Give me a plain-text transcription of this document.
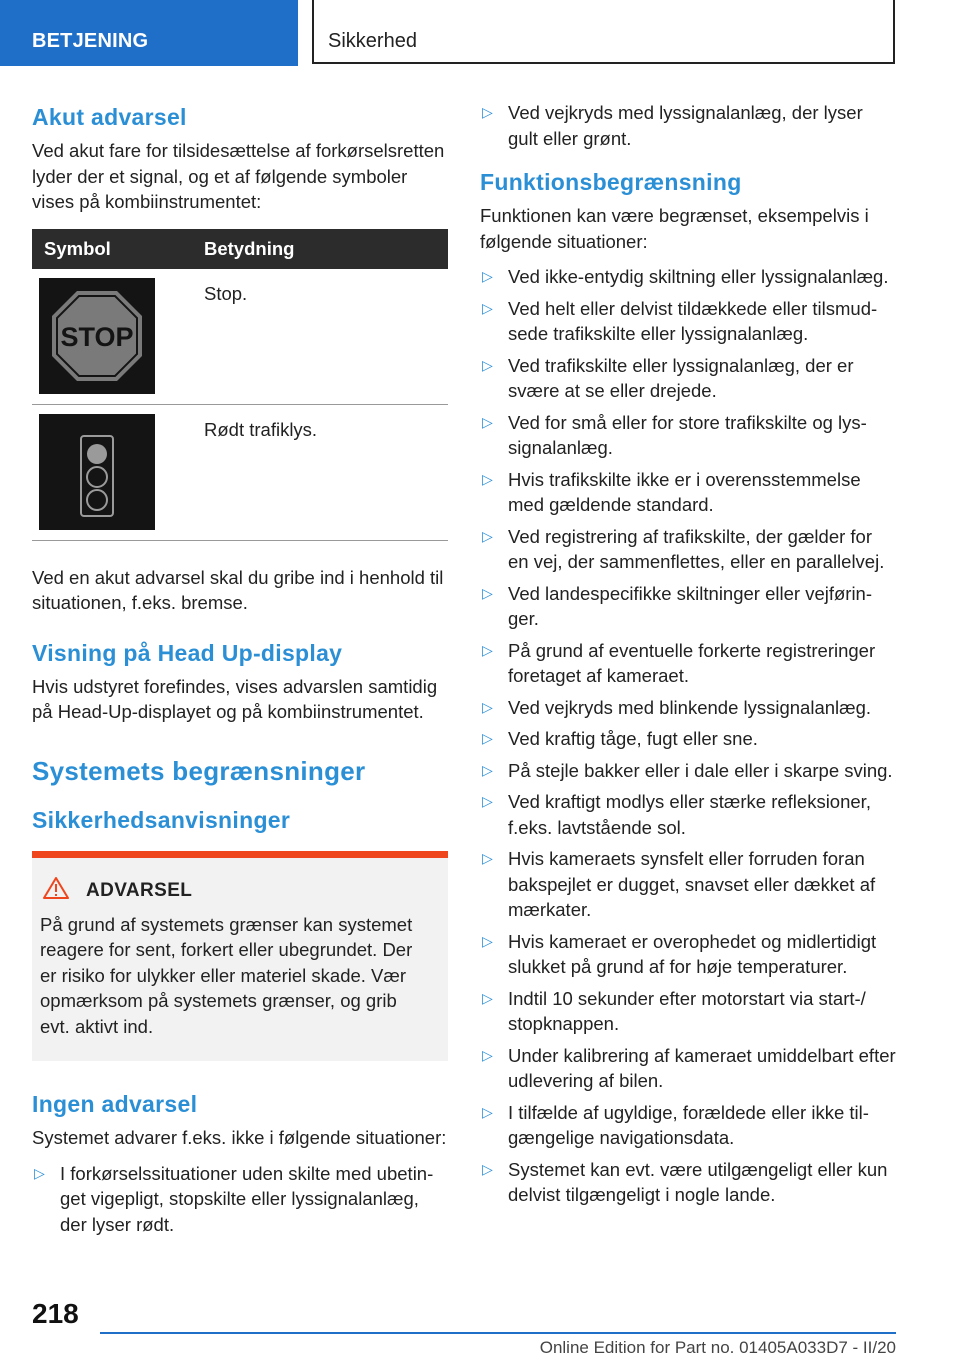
BETJENING	Sikkerhed
Akut advarsel

Ved akut fare for tilsidesættelse af forkørselsretten lyder der et signal, og et af følgende symboler vises på kombiinstrumentet:

Symbol	Betydning
STOP
Stop.
Rødt trafiklys.

Ved en akut advarsel skal du gribe ind i henhold til situationen, f.eks. bremse.

Visning på Head Up-display

Hvis udstyret forefindes, vises advarslen samtidig på Head-Up-displayet og på kombiinstrumentet.

Systemets begrænsninger
Sikkerhedsanvisninger
ADVARSEL

På grund af systemets grænser kan systemet reagere for sent, forkert eller ubegrundet. Der er risiko for ulykker eller materiel skade. Vær opmærksom på systemets grænser, og grib evt. aktivt ind.

Ingen advarsel

Systemet advarer f.eks. ikke i følgende situationer:

▷ I forkørselssituationer uden skilte med ubetinget vigepligt, stopskilte eller lyssignalanlæg, der lyser rødt.
▷ Ved vejkryds med lyssignalanlæg, der lyser gult eller grønt.
Funktionsbegrænsning

Funktionen kan være begrænset, eksempelvis i følgende situationer:

▷ Ved ikke-entydig skiltning eller lyssignalanlæg.
▷ Ved helt eller delvist tildækkede eller tilsmudsede trafikskilte eller lyssignalanlæg.
▷ Ved trafikskilte eller lyssignalanlæg, der er svære at se eller drejede.
▷ Ved for små eller for store trafikskilte og lyssignalanlæg.
▷ Hvis trafikskilte ikke er i overensstemmelse med gældende standard.
▷ Ved registrering af trafikskilte, der gælder for en vej, der sammenflettes, eller en parallelvej.
▷ Ved landespecifikke skiltninger eller vejføringer.
▷ På grund af eventuelle forkerte registreringer foretaget af kameraet.
▷ Ved vejkryds med blinkende lyssignalanlæg.
▷ Ved kraftig tåge, fugt eller sne.
▷ På stejle bakker eller i dale eller i skarpe sving.
▷ Ved kraftigt modlys eller stærke refleksioner, f.eks. lavtstående sol.
▷ Hvis kameraets synsfelt eller forruden foran bakspejlet er dugget, snavset eller dækket af mærkater.
▷ Hvis kameraet er overophedet og midlertidigt slukket på grund af for høje temperaturer.
▷ Indtil 10 sekunder efter motorstart via start-/ stopknappen.
▷ Under kalibrering af kameraet umiddelbart efter udlevering af bilen.
▷ I tilfælde af ugyldige, forældede eller ikke tilgængelige navigationsdata.
▷ Systemet kan evt. være utilgængeligt eller kun delvist tilgængeligt i nogle lande.
218
Online Edition for Part no. 01405A033D7 - II/20
